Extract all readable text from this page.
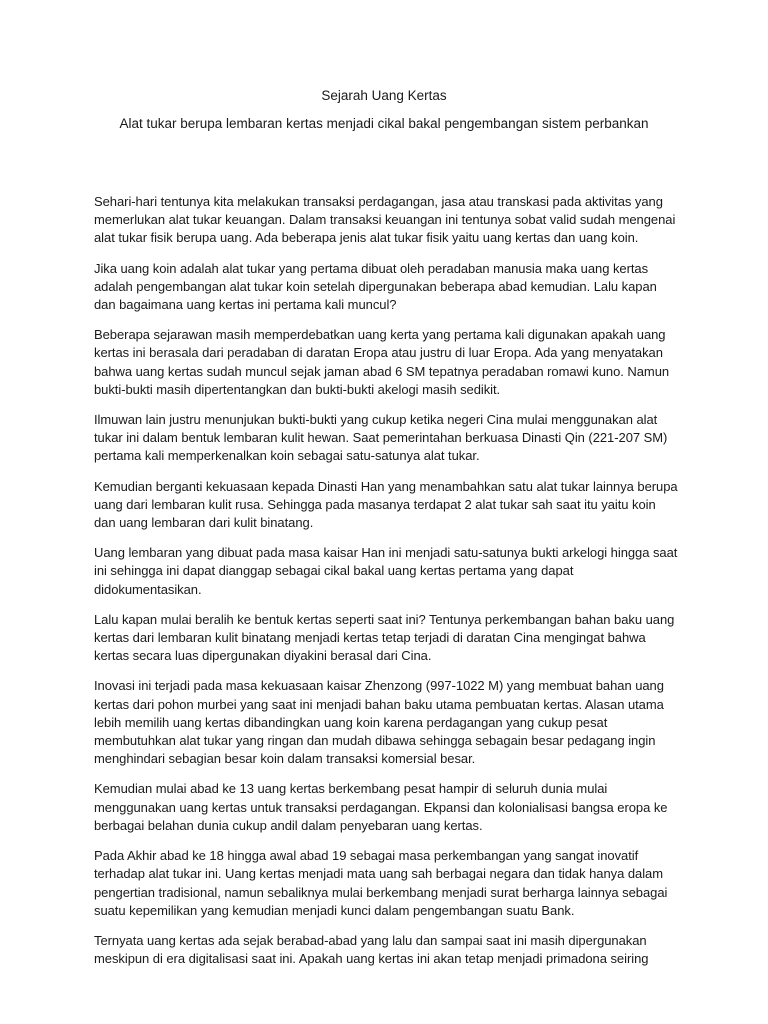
Sejarah Uang Kertas
Alat tukar berupa lembaran kertas menjadi cikal bakal pengembangan sistem perbankan

Sehari-hari tentunya kita melakukan transaksi perdagangan, jasa atau transkasi pada aktivitas yang
memerlukan alat tukar keuangan. Dalam transaksi keuangan ini tentunya sobat valid sudah mengenai
alat tukar fisik berupa uang. Ada beberapa jenis alat tukar fisik yaitu uang kertas dan uang koin.

Jika uang koin adalah alat tukar yang pertama dibuat oleh peradaban manusia maka uang kertas
adalah pengembangan alat tukar koin setelah dipergunakan beberapa abad kemudian. Lalu kapan
dan bagaimana uang kertas ini pertama kali muncul?

Beberapa sejarawan masih memperdebatkan uang kerta yang pertama kali digunakan apakah uang
kertas ini berasala dari peradaban di daratan Eropa atau justru di luar Eropa. Ada yang menyatakan
bahwa uang kertas sudah muncul sejak jaman abad 6 SM tepatnya peradaban romawi kuno. Namun
bukti-bukti masih dipertentangkan dan bukti-bukti akelogi masih sedikit.

Ilmuwan lain justru menunjukan bukti-bukti yang cukup ketika negeri Cina mulai menggunakan alat
tukar ini dalam bentuk lembaran kulit hewan. Saat pemerintahan berkuasa Dinasti Qin (221-207 SM)
pertama kali memperkenalkan koin sebagai satu-satunya alat tukar.

Kemudian berganti kekuasaan kepada Dinasti Han yang menambahkan satu alat tukar lainnya berupa
uang dari lembaran kulit rusa. Sehingga pada masanya terdapat 2 alat tukar sah saat itu yaitu koin
dan uang lembaran dari kulit binatang.

Uang lembaran yang dibuat pada masa kaisar Han ini menjadi satu-satunya bukti arkelogi hingga saat
ini sehingga ini dapat dianggap sebagai cikal bakal uang kertas pertama yang dapat
didokumentasikan.

Lalu kapan mulai beralih ke bentuk kertas seperti saat ini? Tentunya perkembangan bahan baku uang
kertas dari lembaran kulit binatang menjadi kertas tetap terjadi di daratan Cina mengingat bahwa
kertas secara luas dipergunakan diyakini berasal dari Cina.

Inovasi ini terjadi pada masa kekuasaan kaisar Zhenzong (997-1022 M) yang membuat bahan uang
kertas dari pohon murbei yang saat ini menjadi bahan baku utama pembuatan kertas. Alasan utama
lebih memilih uang kertas dibandingkan uang koin karena perdagangan yang cukup pesat
membutuhkan alat tukar yang ringan dan mudah dibawa sehingga sebagain besar pedagang ingin
menghindari sebagian besar koin dalam transaksi komersial besar.

Kemudian mulai abad ke 13 uang kertas berkembang pesat hampir di seluruh dunia mulai
menggunakan uang kertas untuk transaksi perdagangan. Ekpansi dan kolonialisasi bangsa eropa ke
berbagai belahan dunia cukup andil dalam penyebaran uang kertas.

Pada Akhir abad ke 18 hingga awal abad 19 sebagai masa perkembangan yang sangat inovatif
terhadap alat tukar ini. Uang kertas menjadi mata uang sah berbagai negara dan tidak hanya dalam
pengertian tradisional, namun sebaliknya mulai berkembang menjadi surat berharga lainnya sebagai
suatu kepemilikan yang kemudian menjadi kunci dalam pengembangan suatu Bank.

Ternyata uang kertas ada sejak berabad-abad yang lalu dan sampai saat ini masih dipergunakan
meskipun di era digitalisasi saat ini. Apakah uang kertas ini akan tetap menjadi primadona seiring
